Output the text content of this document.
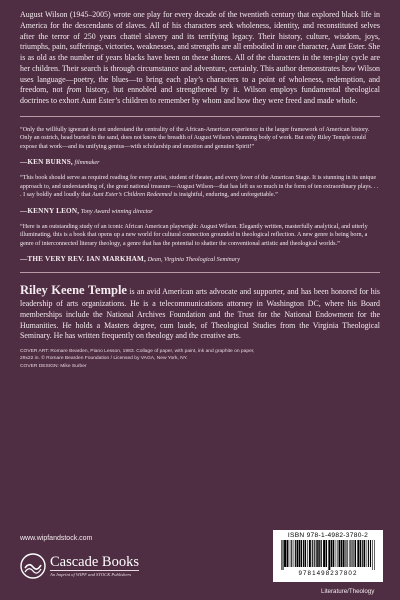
August Wilson (1945–2005) wrote one play for every decade of the twentieth century that explored black life in America for the descendants of slaves. All of his characters seek wholeness, identity, and reconstituted selves after the terror of 250 years chattel slavery and its terrifying legacy. Their history, culture, wisdom, joys, triumphs, pain, sufferings, victories, weaknesses, and strengths are all embodied in one character, Aunt Ester. She is as old as the number of years blacks have been on these shores. All of the characters in the ten-play cycle are her children. Their search is through circumstance and adventure, certainly. This author demonstrates how Wilson uses language—poetry, the blues—to bring each play’s characters to a point of wholeness, redemption, and freedom, not from history, but ennobled and strengthened by it. Wilson employs fundamental theological doctrines to exhort Aunt Ester’s children to remember by whom and how they were freed and made whole.

“Only the willfully ignorant do not understand the centrality of the African-American experience in the larger framework of American history. Only an ostrich, head buried in the sand, does not know the breadth of August Wilson’s stunning body of work. But only Riley Temple could expose that work—and its unifying genius—with scholarship and emotion and genuine Spirit!”

—KEN BURNS, filmmaker

“This book should serve as required reading for every artist, student of theater, and every lover of the American Stage. It is stunning in its unique approach to, and understanding of, the great national treasure—August Wilson—that has left us so much in the form of ten extraordinary plays. . . . I say boldly and loudly that Aunt Ester’s Children Redeemed is insightful, enduring, and unforgettable.”

—KENNY LEON, Tony Award winning director

“Here is an outstanding study of an iconic African American playwright: August Wilson. Elegantly written, masterfully analytical, and utterly illuminating, this is a book that opens up a new world for cultural connection grounded in theological reflection. A new genre is being born, a genre of interconnected literary theology, a genre that has the potential to shatter the conventional artistic and theological worlds.”

—THE VERY REV. IAN MARKHAM, Dean, Virginia Theological Seminary

Riley Keene Temple is an avid American arts advocate and supporter, and has been honored for his leadership of arts organizations. He is a telecommunications attorney in Washington DC, where his Board memberships include the National Archives Foundation and the Trust for the National Endowment for the Humanities. He holds a Masters degree, cum laude, of Theological Studies from the Virginia Theological Seminary. He has written frequently on theology and the creative arts.

COVER ART: Romare Bearden, Piano Lesson, 1983. Collage of paper, with paint, ink and graphite on paper, 29x22 in. © Romare Bearden Foundation / Licensed by VAGA, New York, NY.
COVER DESIGN: Mike Surber
www.wipfandstock.com
Cascade Books
An Imprint of WIPF and STOCK Publishers
ISBN 978-1-4982-3780-2
9781498237802
Literature/Theology
